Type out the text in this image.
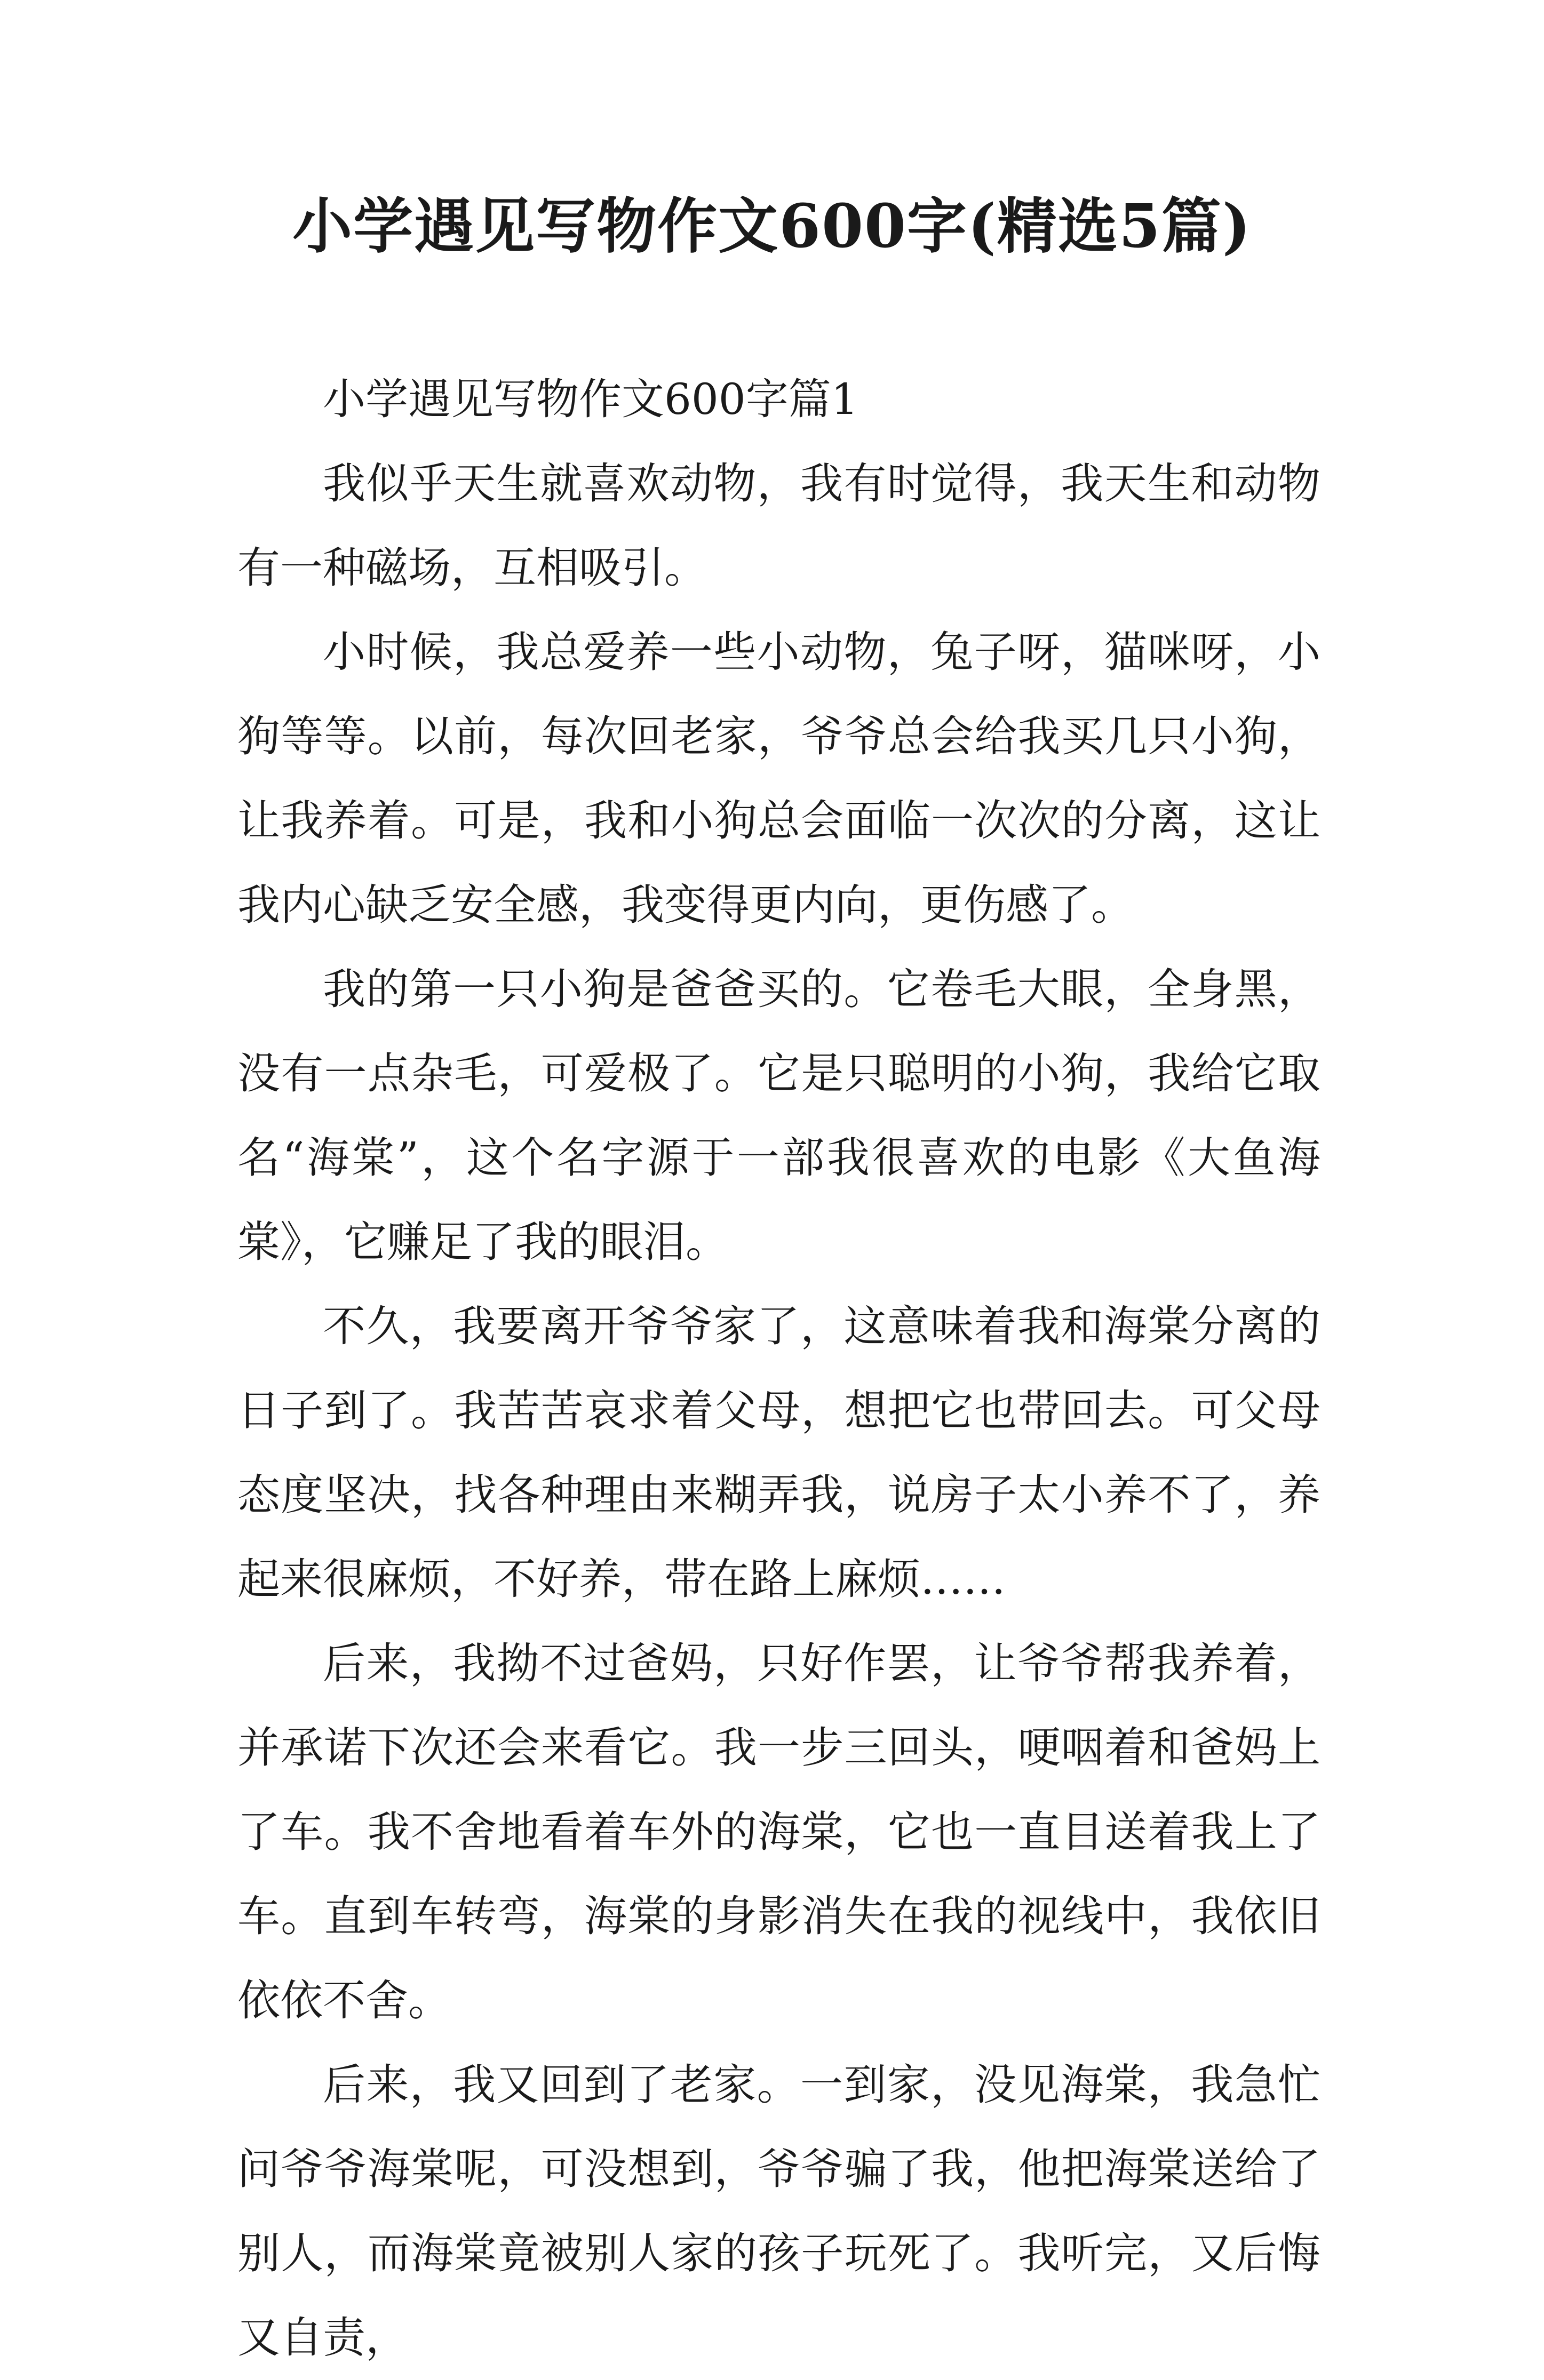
小学遇见写物作文600字(精选5篇)

小学遇见写物作文600字篇1

我似乎天生就喜欢动物，我有时觉得，我天生和动物有一种磁场，互相吸引。

小时候，我总爱养一些小动物，兔子呀，猫咪呀，小狗等等。以前，每次回老家，爷爷总会给我买几只小狗，让我养着。可是，我和小狗总会面临一次次的分离，这让我内心缺乏安全感，我变得更内向，更伤感了。

我的第一只小狗是爸爸买的。它卷毛大眼，全身黑，没有一点杂毛，可爱极了。它是只聪明的小狗，我给它取名“海棠”，这个名字源于一部我很喜欢的电影《大鱼海棠》，它赚足了我的眼泪。

不久，我要离开爷爷家了，这意味着我和海棠分离的日子到了。我苦苦哀求着父母，想把它也带回去。可父母态度坚决，找各种理由来糊弄我，说房子太小养不了，养起来很麻烦，不好养，带在路上麻烦……

后来，我拗不过爸妈，只好作罢，让爷爷帮我养着，并承诺下次还会来看它。我一步三回头，哽咽着和爸妈上了车。我不舍地看着车外的海棠，它也一直目送着我上了车。直到车转弯，海棠的身影消失在我的视线中，我依旧依依不舍。

后来，我又回到了老家。一到家，没见海棠，我急忙问爷爷海棠呢，可没想到，爷爷骗了我，他把海棠送给了别人，而海棠竟被别人家的孩子玩死了。我听完，又后悔又自责，
